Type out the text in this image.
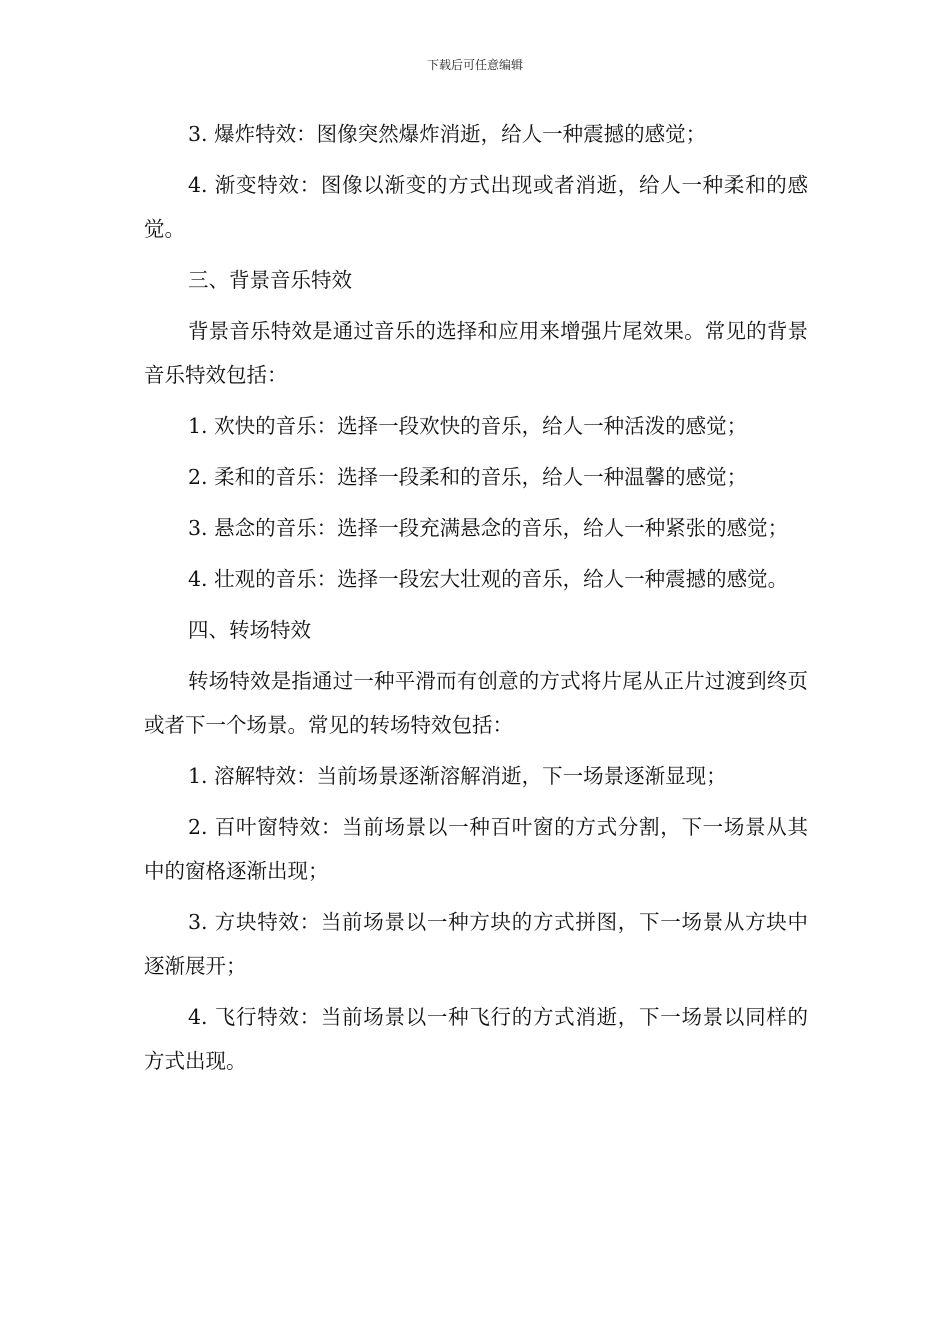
下载后可任意编辑

3. 爆炸特效：图像突然爆炸消逝，给人一种震撼的感觉；

4. 渐变特效：图像以渐变的方式出现或者消逝，给人一种柔和的感觉。

三、背景音乐特效

背景音乐特效是通过音乐的选择和应用来增强片尾效果。常见的背景音乐特效包括：

1. 欢快的音乐：选择一段欢快的音乐，给人一种活泼的感觉；

2. 柔和的音乐：选择一段柔和的音乐，给人一种温馨的感觉；

3. 悬念的音乐：选择一段充满悬念的音乐，给人一种紧张的感觉；

4. 壮观的音乐：选择一段宏大壮观的音乐，给人一种震撼的感觉。

四、转场特效

转场特效是指通过一种平滑而有创意的方式将片尾从正片过渡到终页或者下一个场景。常见的转场特效包括：

1. 溶解特效：当前场景逐渐溶解消逝，下一场景逐渐显现；

2. 百叶窗特效：当前场景以一种百叶窗的方式分割，下一场景从其中的窗格逐渐出现；

3. 方块特效：当前场景以一种方块的方式拼图，下一场景从方块中逐渐展开；

4. 飞行特效：当前场景以一种飞行的方式消逝，下一场景以同样的方式出现。
